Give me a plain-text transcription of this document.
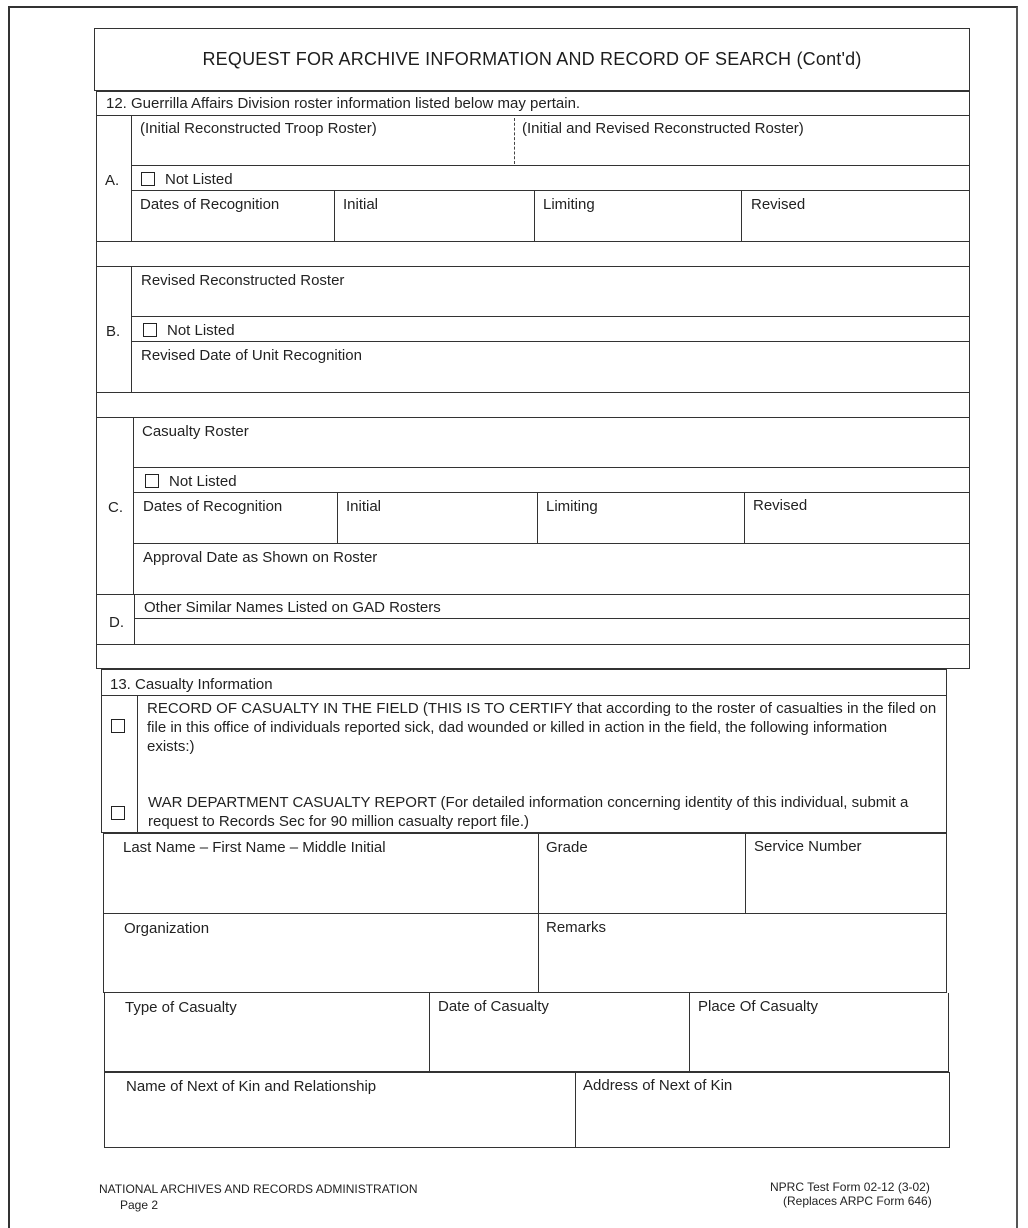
REQUEST FOR ARCHIVE INFORMATION AND RECORD OF SEARCH (Cont'd)
12. Guerrilla Affairs Division roster information listed below may pertain.
A.
(Initial Reconstructed Troop Roster)	(Initial and Revised Reconstructed Roster)
Not Listed
Dates of Recognition	Initial	Limiting	Revised
B.
Revised Reconstructed Roster
Not Listed
Revised Date of Unit Recognition
C.
Casualty Roster
Not Listed
Dates of Recognition	Initial	Limiting	Revised
Approval Date as Shown on Roster
D.
Other Similar Names Listed on GAD Rosters
13. Casualty Information
RECORD OF CASUALTY IN THE FIELD (THIS IS TO CERTIFY that according to the roster of casualties in the filed on file in this office of individuals reported sick, dad wounded or killed in action in the field, the following information exists:)
WAR DEPARTMENT CASUALTY REPORT (For detailed information concerning identity of this individual, submit a request to Records Sec for 90 million casualty report file.)
Last Name – First Name – Middle Initial	Grade	Service Number
Organization	Remarks
Type of Casualty	Date of Casualty	Place Of Casualty
Name of Next of Kin and Relationship	Address of Next of Kin
NATIONAL ARCHIVES AND RECORDS ADMINISTRATION
Page 2
NPRC Test Form 02-12 (3-02)
(Replaces ARPC Form 646)
